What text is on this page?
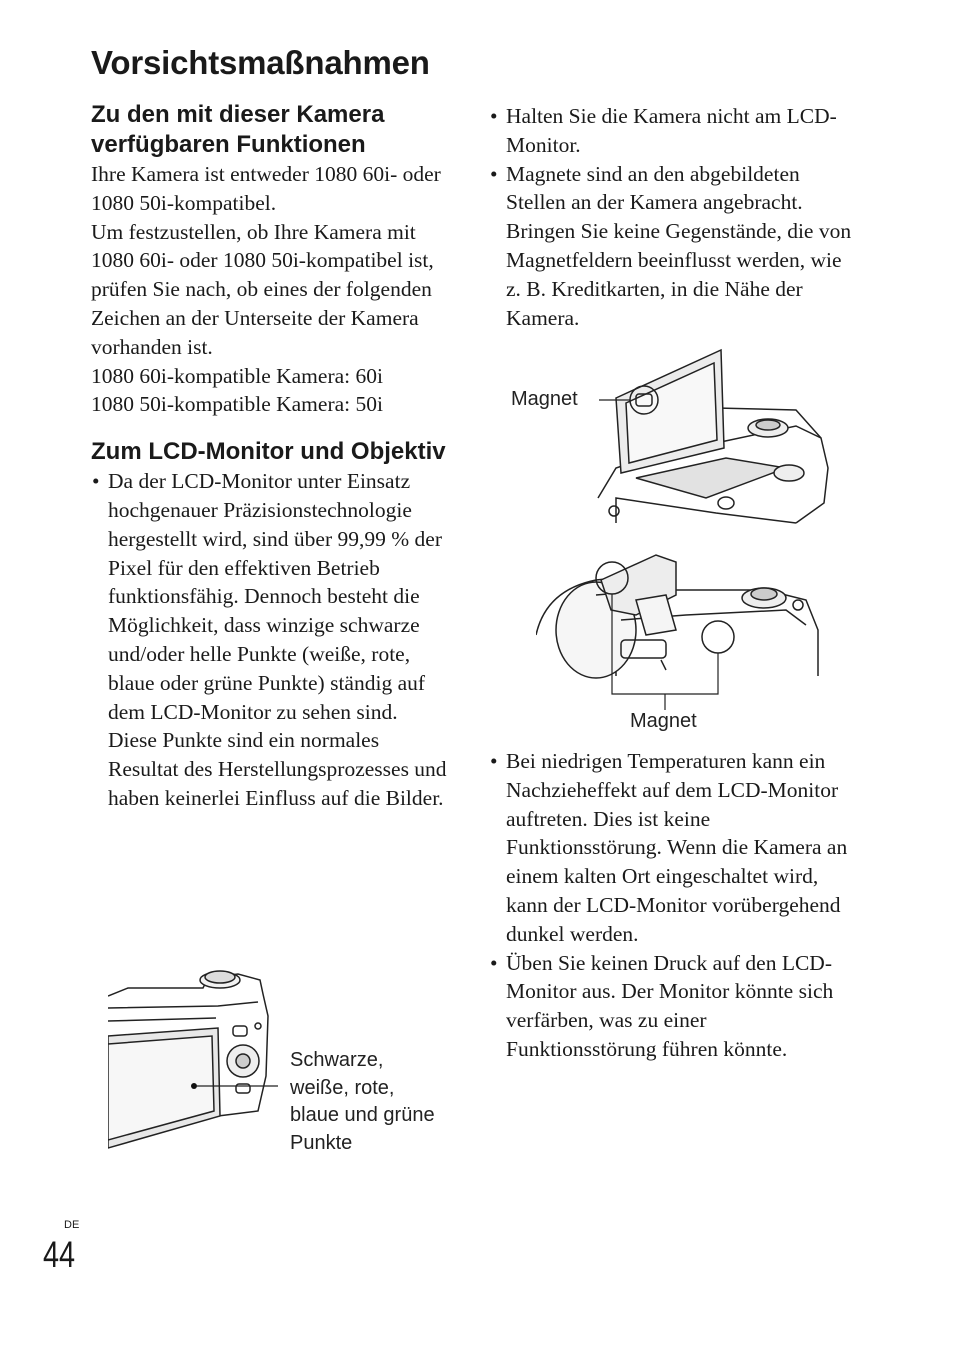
Vorsichtsmaßnahmen
Zu den mit dieser Kamera verfügbaren Funktionen

Ihre Kamera ist entweder 1080 60i- oder 1080 50i-kompatibel.

Um festzustellen, ob Ihre Kamera mit 1080 60i- oder 1080 50i-kompatibel ist, prüfen Sie nach, ob eines der folgenden Zeichen an der Unterseite der Kamera vorhanden ist.

1080 60i-kompatible Kamera: 60i

1080 50i-kompatible Kamera: 50i

Zum LCD-Monitor und Objektiv
• Da der LCD-Monitor unter Einsatz hochgenauer Präzisionstechnologie hergestellt wird, sind über 99,99 % der Pixel für den effektiven Betrieb funktionsfähig. Dennoch besteht die Möglichkeit, dass winzige schwarze und/oder helle Punkte (weiße, rote, blaue oder grüne Punkte) ständig auf dem LCD-Monitor zu sehen sind. Diese Punkte sind ein normales Resultat des Herstellungsprozesses und haben keinerlei Einfluss auf die Bilder.
Schwarze, weiße, rote, blaue und grüne Punkte
• Halten Sie die Kamera nicht am LCD-Monitor.
• Magnete sind an den abgebildeten Stellen an der Kamera angebracht. Bringen Sie keine Gegenstände, die von Magnetfeldern beeinflusst werden, wie z. B. Kreditkarten, in die Nähe der Kamera.
Magnet
Magnet
• Bei niedrigen Temperaturen kann ein Nachzieheffekt auf dem LCD-Monitor auftreten. Dies ist keine Funktionsstörung. Wenn die Kamera an einem kalten Ort eingeschaltet wird, kann der LCD-Monitor vorübergehend dunkel werden.
• Üben Sie keinen Druck auf den LCD-Monitor aus. Der Monitor könnte sich verfärben, was zu einer Funktionsstörung führen könnte.
DE
44
